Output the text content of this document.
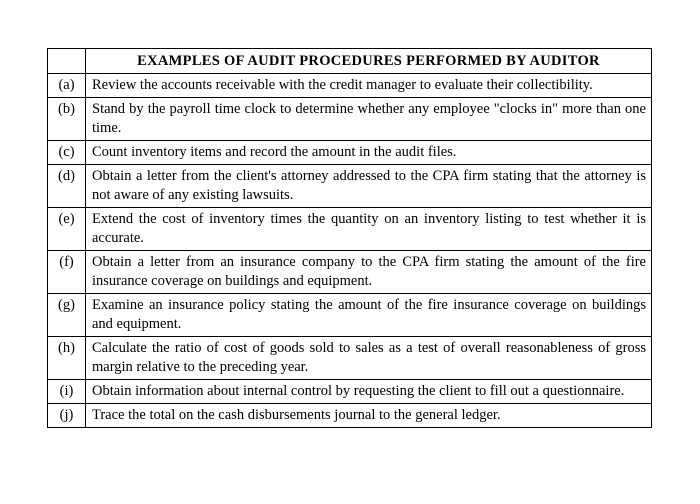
	EXAMPLES OF AUDIT PROCEDURES PERFORMED BY AUDITOR
(a)	Review the accounts receivable with the credit manager to evaluate their collectibility.
(b)	Stand by the payroll time clock to determine whether any employee "clocks in" more than one time.
(c)	Count inventory items and record the amount in the audit files.
(d)	Obtain a letter from the client's attorney addressed to the CPA firm stating that the attorney is not aware of any existing lawsuits.
(e)	Extend the cost of inventory times the quantity on an inventory listing to test whether it is accurate.
(f)	Obtain a letter from an insurance company to the CPA firm stating the amount of the fire insurance coverage on buildings and equipment.
(g)	Examine an insurance policy stating the amount of the fire insurance coverage on buildings and equipment.
(h)	Calculate the ratio of cost of goods sold to sales as a test of overall reasonableness of gross margin relative to the preceding year.
(i)	Obtain information about internal control by requesting the client to fill out a questionnaire.
(j)	Trace the total on the cash disbursements journal to the general ledger.
